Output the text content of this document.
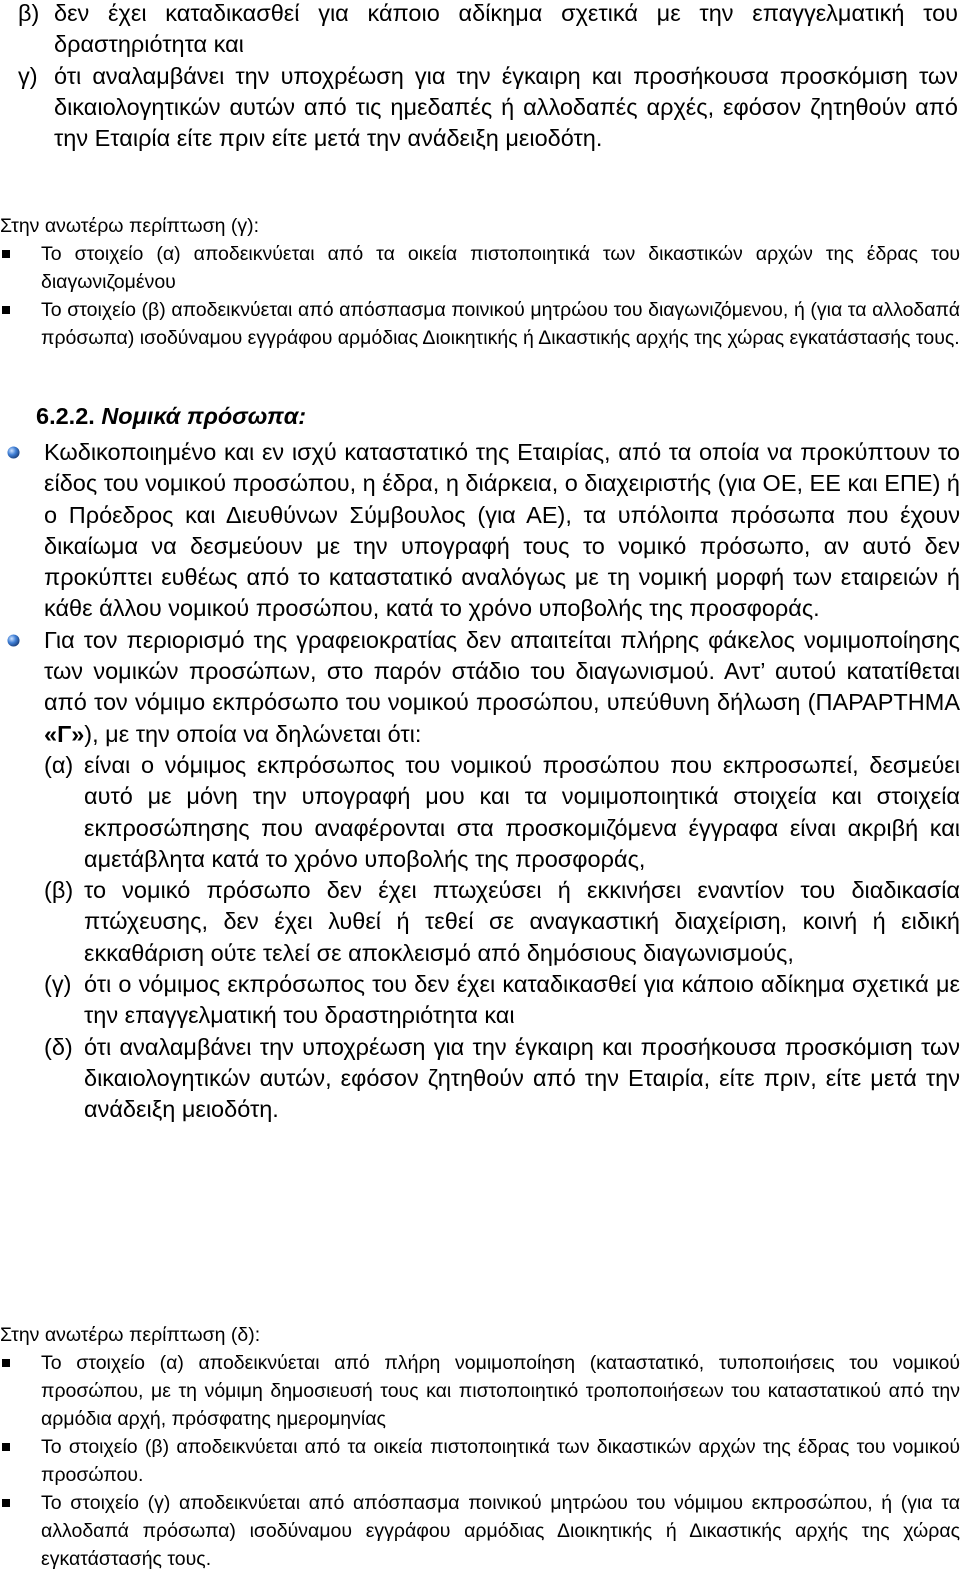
β) δεν έχει καταδικασθεί για κάποιο αδίκημα σχετικά με την επαγγελματική του δραστηριότητα και
γ) ότι αναλαμβάνει την υποχρέωση για την έγκαιρη και προσήκουσα προσκόμιση των δικαιολογητικών αυτών από τις ημεδαπές ή αλλοδαπές αρχές, εφόσον ζητηθούν από την Εταιρία είτε πριν είτε μετά την ανάδειξη μειοδότη.

Στην ανωτέρω περίπτωση (γ):

Το στοιχείο (α) αποδεικνύεται από τα οικεία πιστοποιητικά των δικαστικών αρχών της έδρας του διαγωνιζομένου
Το στοιχείο (β) αποδεικνύεται από απόσπασμα ποινικού μητρώου του διαγωνιζόμενου, ή (για τα αλλοδαπά πρόσωπα) ισοδύναμου εγγράφου αρμόδιας Διοικητικής ή Δικαστικής αρχής της χώρας εγκατάστασής τους.
6.2.2. Νομικά πρόσωπα:
Κωδικοποιημένο και εν ισχύ καταστατικό της Εταιρίας, από τα οποία να προκύπτουν το είδος του νομικού προσώπου, η έδρα, η διάρκεια, ο διαχειριστής (για ΟΕ, ΕΕ και ΕΠΕ) ή ο Πρόεδρος και Διευθύνων Σύμβουλος (για ΑΕ), τα υπόλοιπα πρόσωπα που έχουν δικαίωμα να δεσμεύουν με την υπογραφή τους το νομικό πρόσωπο, αν αυτό δεν προκύπτει ευθέως από το καταστατικό αναλόγως με τη νομική μορφή των εταιρειών ή κάθε άλλου νομικού προσώπου, κατά το χρόνο υποβολής της προσφοράς.
Για τον περιορισμό της γραφειοκρατίας δεν απαιτείται πλήρης φάκελος νομιμοποίησης των νομικών προσώπων, στο παρόν στάδιο του διαγωνισμού. Αντ’ αυτού κατατίθεται από τον νόμιμο εκπρόσωπο του νομικού προσώπου, υπεύθυνη δήλωση (ΠΑΡΑΡΤΗΜΑ «Γ»), με την οποία να δηλώνεται ότι:
(α) είναι ο νόμιμος εκπρόσωπος του νομικού προσώπου που εκπροσωπεί, δεσμεύει αυτό με μόνη την υπογραφή μου και τα νομιμοποιητικά στοιχεία και στοιχεία εκπροσώπησης που αναφέρονται στα προσκομιζόμενα έγγραφα είναι ακριβή και αμετάβλητα κατά το χρόνο υποβολής της προσφοράς,
(β) το νομικό πρόσωπο δεν έχει πτωχεύσει ή εκκινήσει εναντίον του διαδικασία πτώχευσης, δεν έχει λυθεί ή τεθεί σε αναγκαστική διαχείριση, κοινή ή ειδική εκκαθάριση ούτε τελεί σε αποκλεισμό από δημόσιους διαγωνισμούς,
(γ) ότι ο νόμιμος εκπρόσωπος του δεν έχει καταδικασθεί για κάποιο αδίκημα σχετικά με την επαγγελματική του δραστηριότητα και
(δ) ότι αναλαμβάνει την υποχρέωση για την έγκαιρη και προσήκουσα προσκόμιση των δικαιολογητικών αυτών, εφόσον ζητηθούν από την Εταιρία, είτε πριν, είτε μετά την ανάδειξη μειοδότη.

Στην ανωτέρω περίπτωση (δ):

Το στοιχείο (α) αποδεικνύεται από πλήρη νομιμοποίηση (καταστατικό, τυποποιήσεις του νομικού προσώπου, με τη νόμιμη δημοσιευσή τους και πιστοποιητικό τροποποιήσεων του καταστατικού από την αρμόδια αρχή, πρόσφατης ημερομηνίας
Το στοιχείο (β) αποδεικνύεται από τα οικεία πιστοποιητικά των δικαστικών αρχών της έδρας του νομικού προσώπου.
Το στοιχείο (γ) αποδεικνύεται από απόσπασμα ποινικού μητρώου του νόμιμου εκπροσώπου, ή (για τα αλλοδαπά πρόσωπα) ισοδύναμου εγγράφου αρμόδιας Διοικητικής ή Δικαστικής αρχής της χώρας εγκατάστασής τους.
